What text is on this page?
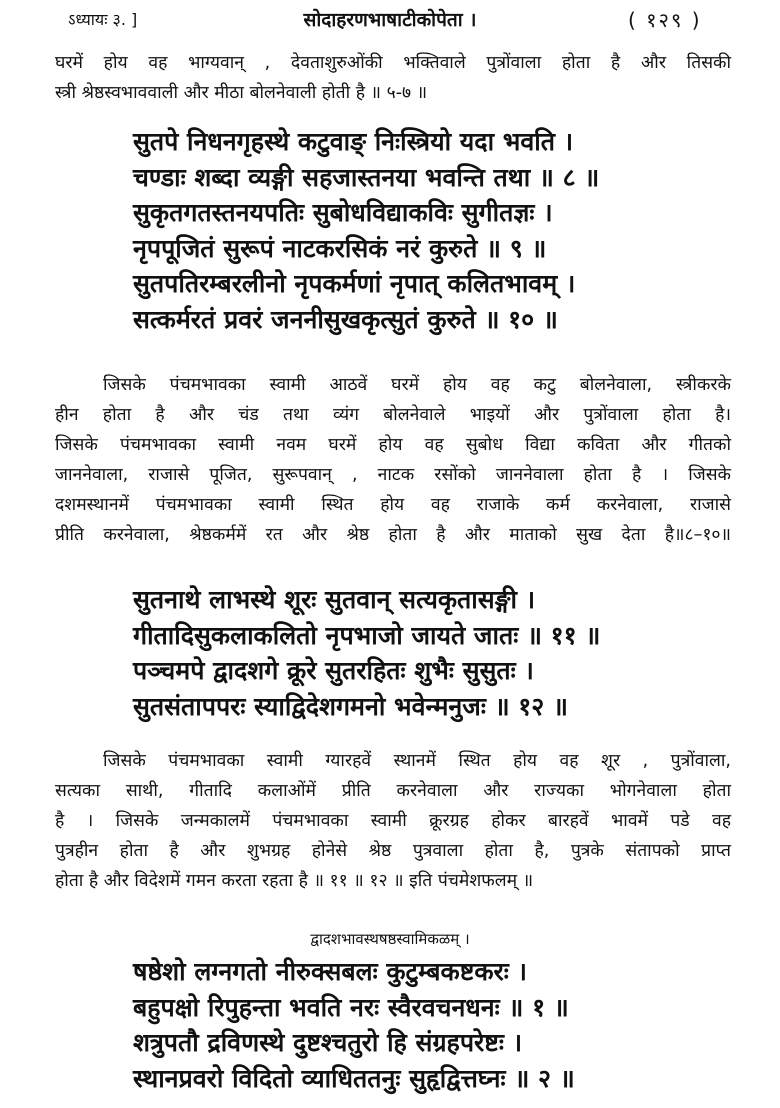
ऽध्यायः ३. ]	सोदाहरणभाषाटीकोपेता ।	( १२९ )
घरमें होय वह भाग्यवान् , देवताशुरुओंकी भक्तिवाले पुत्रोंवाला होता है और तिसकी
स्त्री श्रेष्ठस्वभाववाली और मीठा बोलनेवाली होती है ॥ ५-७ ॥
सुतपे निधनगृहस्थे कटुवाङ् निःस्त्रियो यदा भवति ।
चण्डाः शब्दा व्यङ्गी सहजास्तनया भवन्ति तथा ॥ ८ ॥
सुकृतगतस्तनयपतिः सुबोधविद्याकविः सुगीतज्ञः ।
नृपपूजितं सुरूपं नाटकरसिकं नरं कुरुते ॥ ९ ॥
सुतपतिरम्बरलीनो नृपकर्मणां नृपात् कलितभावम् ।
सत्कर्मरतं प्रवरं जननीसुखकृत्सुतं कुरुते ॥ १० ॥
जिसके पंचमभावका स्वामी आठवें घरमें होय वह कटु बोलनेवाला, स्त्रीकरके
हीन होता है और चंड तथा व्यंग बोलनेवाले भाइयों और पुत्रोंवाला होता है।
जिसके पंचमभावका स्वामी नवम घरमें होय वह सुबोध विद्या कविता और गीतको
जाननेवाला, राजासे पूजित, सुरूपवान् , नाटक रसोंको जाननेवाला होता है । जिसके
दशमस्थानमें पंचमभावका स्वामी स्थित होय वह राजाके कर्म करनेवाला, राजासे
प्रीति करनेवाला, श्रेष्ठकर्ममें रत और श्रेष्ठ होता है और माताको सुख देता है॥८–१०॥
सुतनाथे लाभस्थे शूरः सुतवान् सत्यकृतासङ्गी ।
गीतादिसुकलाकलितो नृपभाजो जायते जातः ॥ ११ ॥
पञ्चमपे द्वादशगे क्रूरे सुतरहितः शुभैः सुसुतः ।
सुतसंतापपरः स्याद्विदेशगमनो भवेन्मनुजः ॥ १२ ॥
जिसके पंचमभावका स्वामी ग्यारहवें स्थानमें स्थित होय वह शूर , पुत्रोंवाला,
सत्यका साथी, गीतादि कलाओंमें प्रीति करनेवाला और राज्यका भोगनेवाला होता
है । जिसके जन्मकालमें पंचमभावका स्वामी क्रूरग्रह होकर बारहवें भावमें पडे वह
पुत्रहीन होता है और शुभग्रह होनेसे श्रेष्ठ पुत्रवाला होता है, पुत्रके संतापको प्राप्त
होता है और विदेशमें गमन करता रहता है ॥ ११ ॥ १२ ॥ इति पंचमेशफलम् ॥
द्वादशभावस्थषष्ठस्वामिकळम् ।
षष्ठेशो लग्नगतो नीरुक्सबलः कुटुम्बकष्टकरः ।
बहुपक्षो रिपुहन्ता भवति नरः स्वैरवचनधनः ॥ १ ॥
शत्रुपतौ द्रविणस्थे दुष्टश्चतुरो हि संग्रहपरेष्टः ।
स्थानप्रवरो विदितो व्याधिततनुः सुहृद्वित्तघ्नः ॥ २ ॥
